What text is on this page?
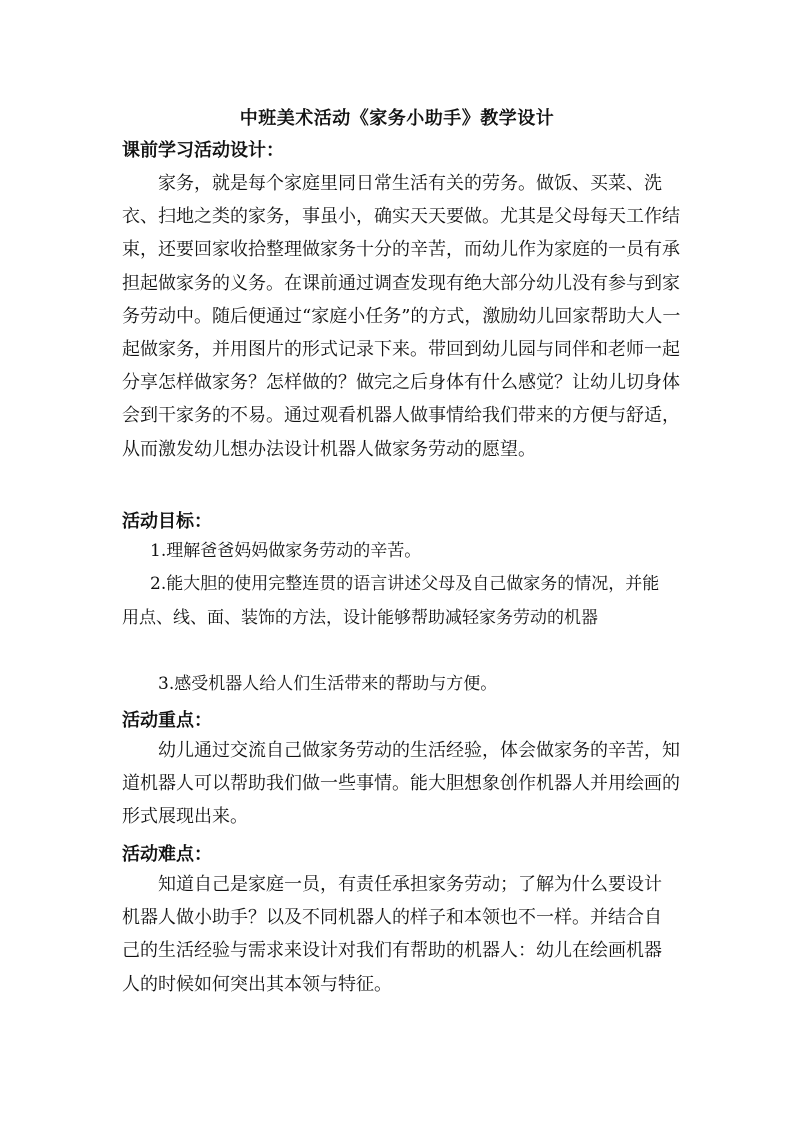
中班美术活动《家务小助手》教学设计
课前学习活动设计：
家务，就是每个家庭里同日常生活有关的劳务。做饭、买菜、洗衣、扫地之类的家务，事虽小，确实天天要做。尤其是父母每天工作结束，还要回家收拾整理做家务十分的辛苦，而幼儿作为家庭的一员有承担起做家务的义务。在课前通过调查发现有绝大部分幼儿没有参与到家务劳动中。随后便通过“家庭小任务”的方式，激励幼儿回家帮助大人一起做家务，并用图片的形式记录下来。带回到幼儿园与同伴和老师一起分享怎样做家务？怎样做的？做完之后身体有什么感觉？让幼儿切身体会到干家务的不易。通过观看机器人做事情给我们带来的方便与舒适，从而激发幼儿想办法设计机器人做家务劳动的愿望。
活动目标：
1.理解爸爸妈妈做家务劳动的辛苦。
2.能大胆的使用完整连贯的语言讲述父母及自己做家务的情况，并能用点、线、面、装饰的方法，设计能够帮助减轻家务劳动的机器
3.感受机器人给人们生活带来的帮助与方便。
活动重点：
幼儿通过交流自己做家务劳动的生活经验，体会做家务的辛苦，知道机器人可以帮助我们做一些事情。能大胆想象创作机器人并用绘画的形式展现出来。
活动难点：
知道自己是家庭一员，有责任承担家务劳动；了解为什么要设计机器人做小助手？以及不同机器人的样子和本领也不一样。并结合自己的生活经验与需求来设计对我们有帮助的机器人：幼儿在绘画机器人的时候如何突出其本领与特征。
